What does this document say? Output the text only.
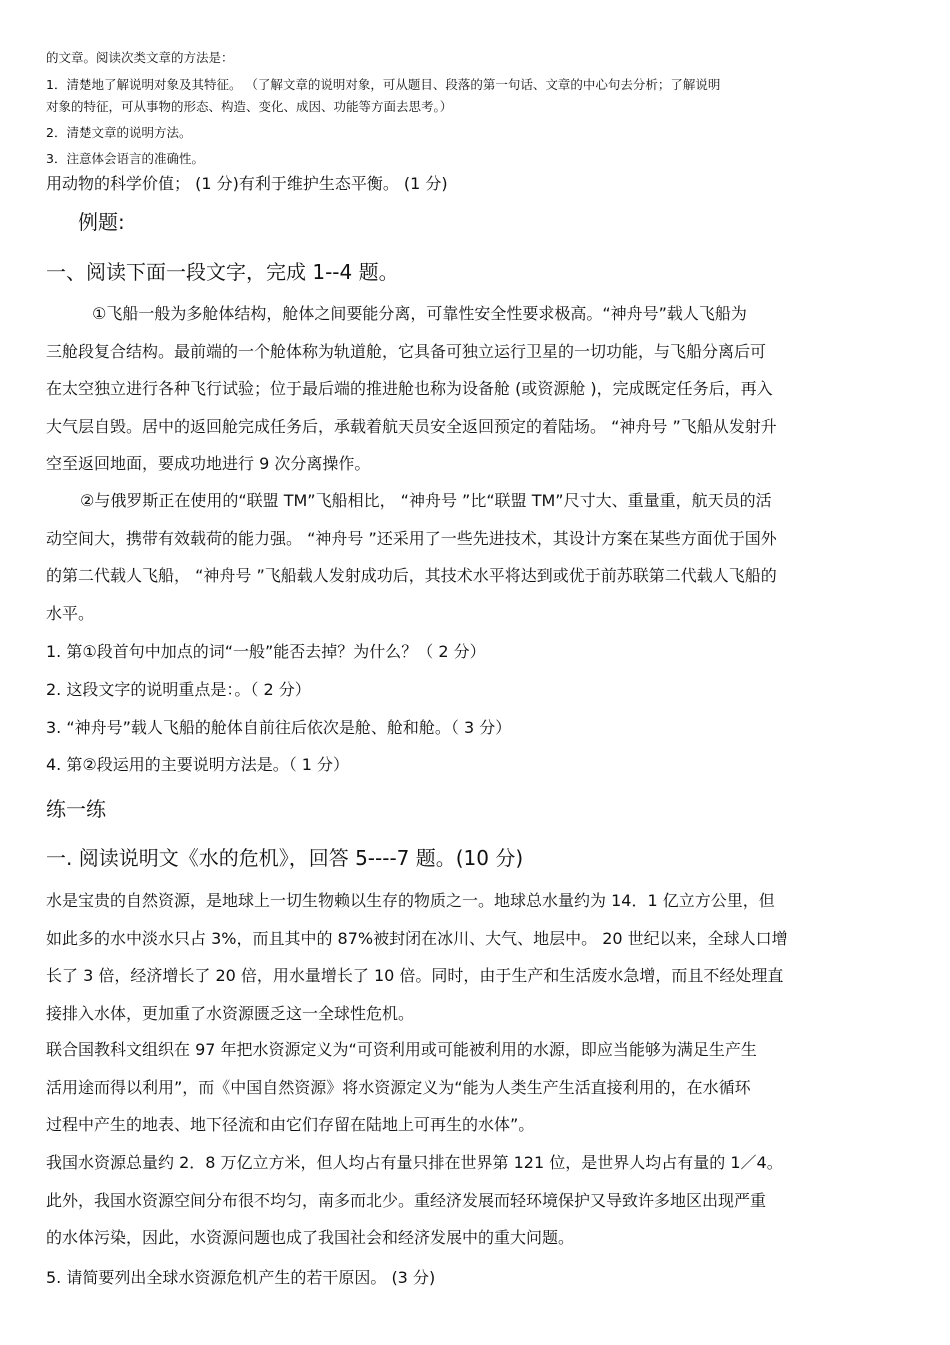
的文章。阅读次类文章的方法是：
1．清楚地了解说明对象及其特征。 （了解文章的说明对象，可从题目、段落的第一句话、文章的中心句去分析；了解说明
对象的特征，可从事物的形态、构造、变化、成因、功能等方面去思考。）
2．清楚文章的说明方法。
3．注意体会语言的准确性。
用动物的科学价值； (1 分)有利于维护生态平衡。 (1 分)
例题:
一、阅读下面一段文字，完成 1--4 题。
①飞船一般为多舱体结构，舱体之间要能分离，可靠性安全性要求极高。“神舟号”载人飞船为
三舱段复合结构。最前端的一个舱体称为轨道舱，它具备可独立运行卫星的一切功能，与飞船分离后可
在太空独立进行各种飞行试验；位于最后端的推进舱也称为设备舱 (或资源舱 )，完成既定任务后，再入
大气层自毁。居中的返回舱完成任务后，承载着航天员安全返回预定的着陆场。 “神舟号 ”飞船从发射升
空至返回地面，要成功地进行 9 次分离操作。
②与俄罗斯正在使用的“联盟 TM”飞船相比， “神舟号 ”比“联盟 TM”尺寸大、重量重，航天员的活
动空间大，携带有效载荷的能力强。 “神舟号 ”还采用了一些先进技术，其设计方案在某些方面优于国外
的第二代载人飞船， “神舟号 ”飞船载人发射成功后，其技术水平将达到或优于前苏联第二代载人飞船的
水平。
1. 第①段首句中加点的词“一般”能否去掉？为什么？（ 2 分）
2. 这段文字的说明重点是：。（ 2 分）
3. “神舟号”载人飞船的舱体自前往后依次是舱、舱和舱。（ 3 分）
4. 第②段运用的主要说明方法是。（ 1 分）
练一练
一. 阅读说明文《水的危机》，回答 5----7 题。(10 分)
水是宝贵的自然资源，是地球上一切生物赖以生存的物质之一。地球总水量约为 14．1 亿立方公里，但
如此多的水中淡水只占 3%，而且其中的 87%被封闭在冰川、大气、地层中。 20 世纪以来，全球人口增
长了 3 倍，经济增长了 20 倍，用水量增长了 10 倍。同时，由于生产和生活废水急增，而且不经处理直
接排入水体，更加重了水资源匮乏这一全球性危机。
联合国教科文组织在 97 年把水资源定义为“可资利用或可能被利用的水源，即应当能够为满足生产生
活用途而得以利用”，而《中国自然资源》将水资源定义为“能为人类生产生活直接利用的，在水循环
过程中产生的地表、地下径流和由它们存留在陆地上可再生的水体”。
我国水资源总量约 2．8 万亿立方米，但人均占有量只排在世界第 121 位，是世界人均占有量的 1／4。
此外，我国水资源空间分布很不均匀，南多而北少。重经济发展而轻环境保护又导致许多地区出现严重
的水体污染，因此，水资源问题也成了我国社会和经济发展中的重大问题。
5. 请简要列出全球水资源危机产生的若干原因。 (3 分)
